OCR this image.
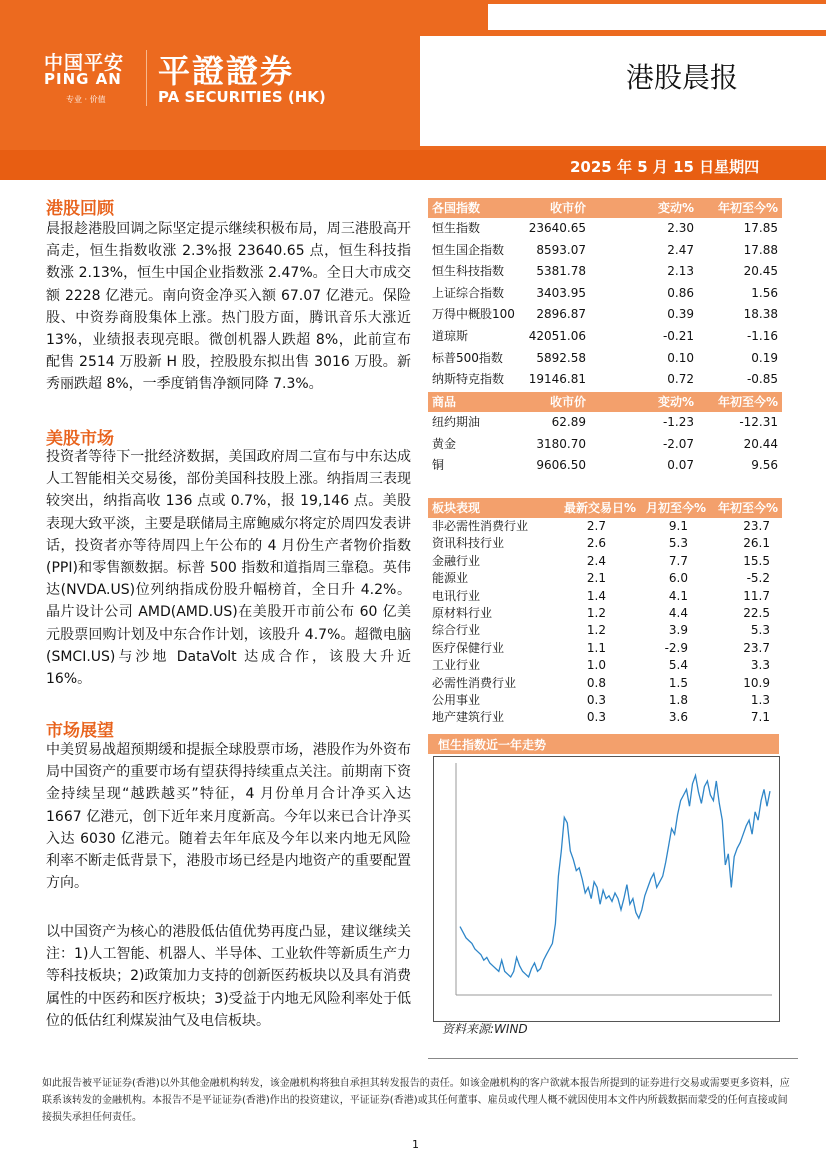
中国平安
PING AN
专业 · 价值
平證證券
PA SECURITIES (HK)
港股晨报
2025 年 5 月 15 日星期四
港股回顾

晨报趁港股回调之际坚定提示继续积极布局，周三港股高开高走，恒生指数收涨 2.3%报 23640.65 点，恒生科技指数涨 2.13%，恒生中国企业指数涨 2.47%。全日大市成交额 2228 亿港元。南向资金净买入额 67.07 亿港元。保险股、中资券商股集体上涨。热门股方面，腾讯音乐大涨近 13%，业绩报表现亮眼。微创机器人跌超 8%，此前宣布配售 2514 万股新 H 股，控股股东拟出售 3016 万股。新秀丽跌超 8%，一季度销售净额同降 7.3%。

美股市场

投资者等待下一批经济数据，美国政府周二宣布与中东达成人工智能相关交易後，部份美国科技股上涨。纳指周三表现较突出，纳指高收 136 点或 0.7%，报 19,146 点。美股表现大致平淡，主要是联储局主席鲍威尔将定於周四发表讲话，投资者亦等待周四上午公布的 4 月份生产者物价指数(PPI)和零售额数据。标普 500 指数和道指周三靠稳。英伟达(NVDA.US)位列纳指成份股升幅榜首，全日升 4.2%。晶片设计公司 AMD(AMD.US)在美股开市前公布 60 亿美元股票回购计划及中东合作计划，该股升 4.7%。超微电脑(SMCI.US)与沙地 DataVolt 达成合作，该股大升近 16%。

市场展望

中美贸易战超预期缓和提振全球股票市场，港股作为外资布局中国资产的重要市场有望获得持续重点关注。前期南下资金持续呈现“越跌越买”特征，4 月份单月合计净买入达 1667 亿港元，创下近年来月度新高。今年以来已合计净买入达 6030 亿港元。随着去年年底及今年以来内地无风险利率不断走低背景下，港股市场已经是内地资产的重要配置方向。

以中国资产为核心的港股低估值优势再度凸显，建议继续关注：1)人工智能、机器人、半导体、工业软件等新质生产力等科技板块；2)政策加力支持的创新医药板块以及具有消费属性的中医药和医疗板块；3)受益于内地无风险利率处于低位的低估红利煤炭油气及电信板块。

各国指数	收市价	变动% 年初至今%
恒生指数	23640.65	2.30	17.85
恒生国企指数	8593.07	2.47	17.88
恒生科技指数	5381.78	2.13	20.45
上证综合指数	3403.95	0.86	1.56
万得中概股100 2896.87	0.39	18.38
道琼斯	42051.06	-0.21	-1.16
标普500指数	5892.58	0.10	0.19
纳斯特克指数 19146.81	0.72	-0.85
商品	收市价	变动% 年初至今%
纽约期油	62.89	-1.23	-12.31
黄金	3180.70	-2.07	20.44
铜	9606.50	0.07	9.56
板块表现	最新交易日% 月初至今% 年初至今%
非必需性消费行业	2.7	9.1	23.7
资讯科技行业	2.6	5.3	26.1
金融行业	2.4	7.7	15.5
能源业	2.1	6.0	-5.2
电讯行业	1.4	4.1	11.7
原材料行业	1.2	4.4	22.5
综合行业	1.2	3.9	5.3
医疗保健行业	1.1	-2.9	23.7
工业行业	1.0	5.4	3.3
必需性消费行业	0.8	1.5	10.9
公用事业	0.3	1.8	1.3
地产建筑行业	0.3	3.6	7.1
恒生指数近一年走势
资料来源:WIND

如此报告被平证证券(香港)以外其他金融机构转发，该金融机构将独自承担其转发报告的责任。如该金融机构的客户欲就本报告所提到的证券进行交易或需要更多资料，应联系该转发的金融机构。本报告不是平证证券(香港)作出的投资建议，平证证券(香港)或其任何董事、雇员或代理人概不就因使用本文件内所载数据而蒙受的任何直接或间接损失承担任何责任。

1
